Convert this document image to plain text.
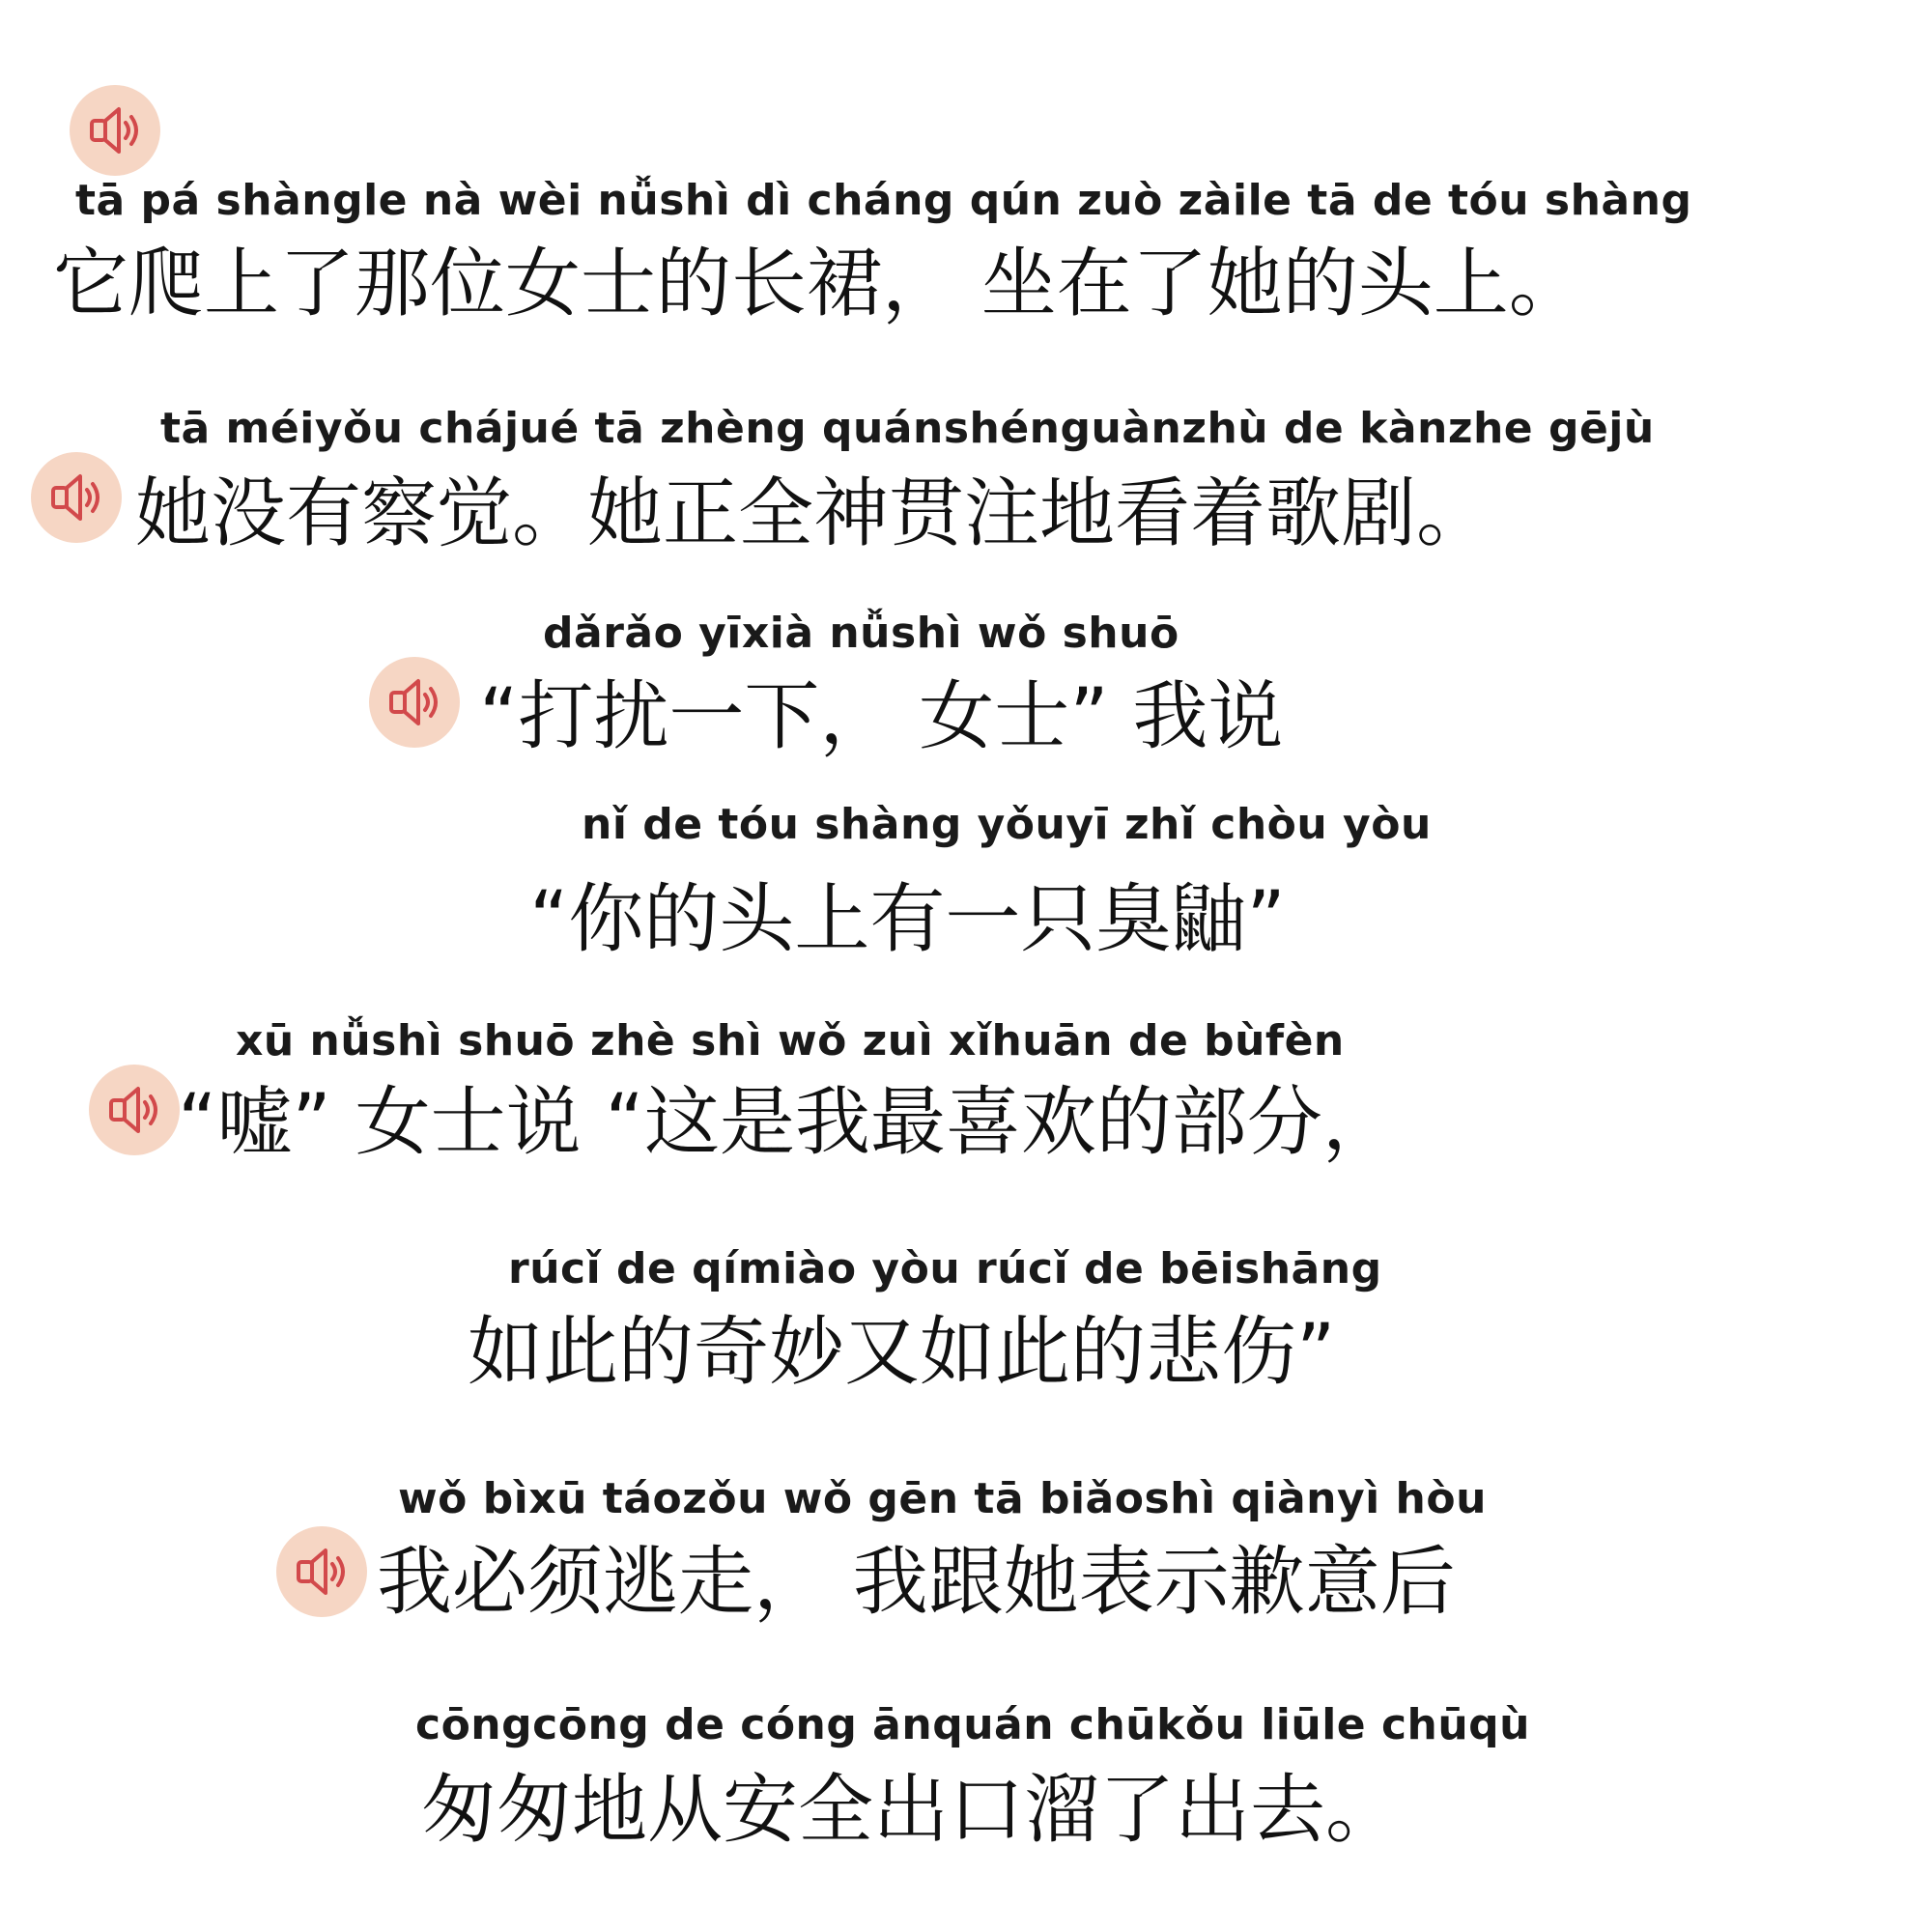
tā pá shàngle nà wèi nǚshì dì cháng qún zuò zàile tā de tóu shàng
它爬上了那位女士的长裙， 坐在了她的头上。
tā méiyǒu chájué tā zhèng quánshénguànzhù de kànzhe gējù
她没有察觉。她正全神贯注地看着歌剧。
dǎrǎo yīxià nǚshì wǒ shuō
“打扰一下， 女士” 我说
nǐ de tóu shàng yǒuyī zhǐ chòu yòu
“你的头上有一只臭鼬”
xū nǚshì shuō zhè shì wǒ zuì xǐhuān de bùfèn
“嘘” 女士说 “这是我最喜欢的部分，
rúcǐ de qímiào yòu rúcǐ de bēishāng
如此的奇妙又如此的悲伤”
wǒ bìxū táozǒu wǒ gēn tā biǎoshì qiànyì hòu
我必须逃走， 我跟她表示歉意后
cōngcōng de cóng ānquán chūkǒu liūle chūqù
匆匆地从安全出口溜了出去。
